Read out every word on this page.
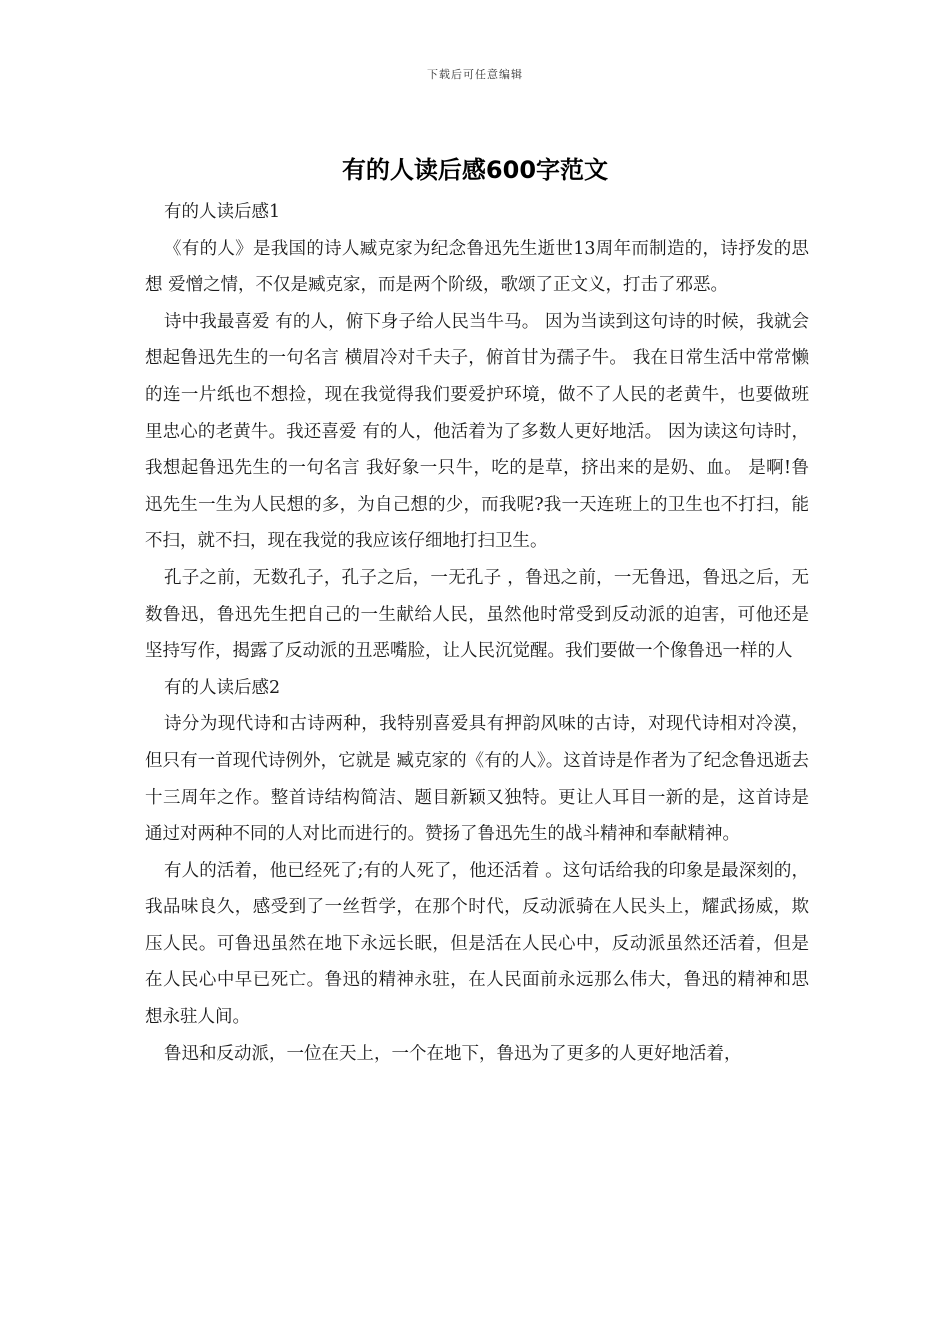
下载后可任意编辑
有的人读后感600字范文

有的人读后感1

《有的人》是我国的诗人臧克家为纪念鲁迅先生逝世13周年而制造的，诗抒发的思想 爱憎之情，不仅是臧克家，而是两个阶级，歌颂了正文义，打击了邪恶。

诗中我最喜爱 有的人，俯下身子给人民当牛马。 因为当读到这句诗的时候，我就会想起鲁迅先生的一句名言 横眉冷对千夫子，俯首甘为孺子牛。 我在日常生活中常常懒的连一片纸也不想捡，现在我觉得我们要爱护环境，做不了人民的老黄牛，也要做班里忠心的老黄牛。我还喜爱 有的人，他活着为了多数人更好地活。 因为读这句诗时，我想起鲁迅先生的一句名言 我好象一只牛，吃的是草，挤出来的是奶、血。 是啊!鲁迅先生一生为人民想的多，为自己想的少，而我呢?我一天连班上的卫生也不打扫，能不扫，就不扫，现在我觉的我应该仔细地打扫卫生。

孔子之前，无数孔子，孔子之后，一无孔子 ，鲁迅之前，一无鲁迅，鲁迅之后，无数鲁迅，鲁迅先生把自己的一生献给人民，虽然他时常受到反动派的迫害，可他还是坚持写作，揭露了反动派的丑恶嘴脸，让人民沉觉醒。我们要做一个像鲁迅一样的人

有的人读后感2

诗分为现代诗和古诗两种，我特别喜爱具有押韵风味的古诗，对现代诗相对冷漠，但只有一首现代诗例外，它就是 臧克家的《有的人》。这首诗是作者为了纪念鲁迅逝去十三周年之作。整首诗结构简洁、题目新颖又独特。更让人耳目一新的是，这首诗是通过对两种不同的人对比而进行的。赞扬了鲁迅先生的战斗精神和奉献精神。

有人的活着，他已经死了;有的人死了，他还活着 。这句话给我的印象是最深刻的，我品味良久，感受到了一丝哲学，在那个时代，反动派骑在人民头上，耀武扬威，欺压人民。可鲁迅虽然在地下永远长眠，但是活在人民心中，反动派虽然还活着，但是在人民心中早已死亡。鲁迅的精神永驻，在人民面前永远那么伟大，鲁迅的精神和思想永驻人间。

鲁迅和反动派，一位在天上，一个在地下，鲁迅为了更多的人更好地活着，
